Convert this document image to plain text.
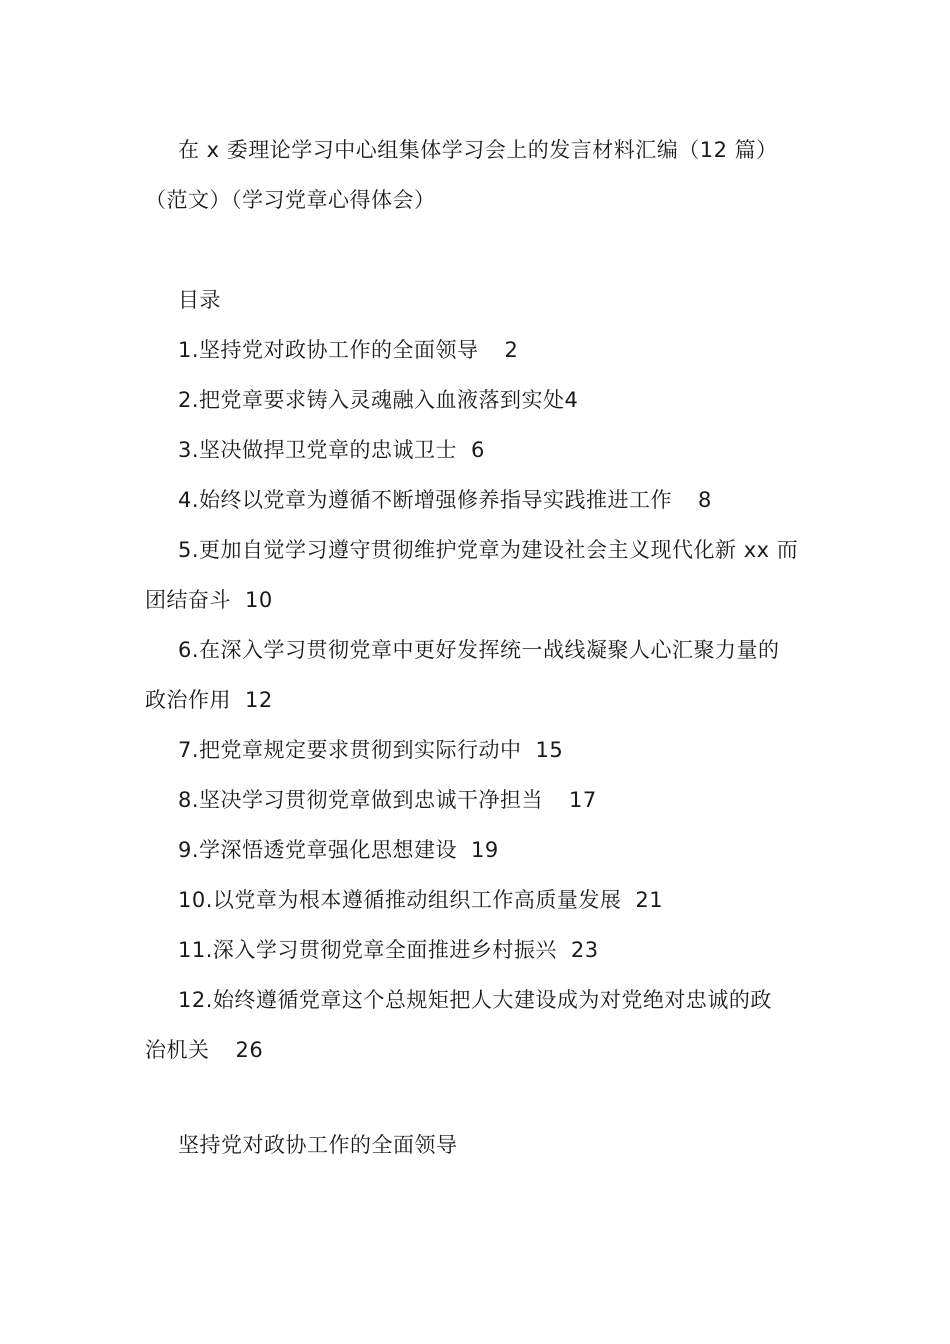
在 x 委理论学习中心组集体学习会上的发言材料汇编（12 篇）
（范文）（学习党章心得体会）
目录
1.坚持党对政协工作的全面领导 2
2.把党章要求铸入灵魂融入血液落到实处4
3.坚决做捍卫党章的忠诚卫士 6
4.始终以党章为遵循不断增强修养指导实践推进工作 8
5.更加自觉学习遵守贯彻维护党章为建设社会主义现代化新 xx 而
团结奋斗 10
6.在深入学习贯彻党章中更好发挥统一战线凝聚人心汇聚力量的
政治作用 12
7.把党章规定要求贯彻到实际行动中 15
8.坚决学习贯彻党章做到忠诚干净担当 17
9.学深悟透党章强化思想建设 19
10.以党章为根本遵循推动组织工作高质量发展 21
11.深入学习贯彻党章全面推进乡村振兴 23
12.始终遵循党章这个总规矩把人大建设成为对党绝对忠诚的政
治机关 26
坚持党对政协工作的全面领导
